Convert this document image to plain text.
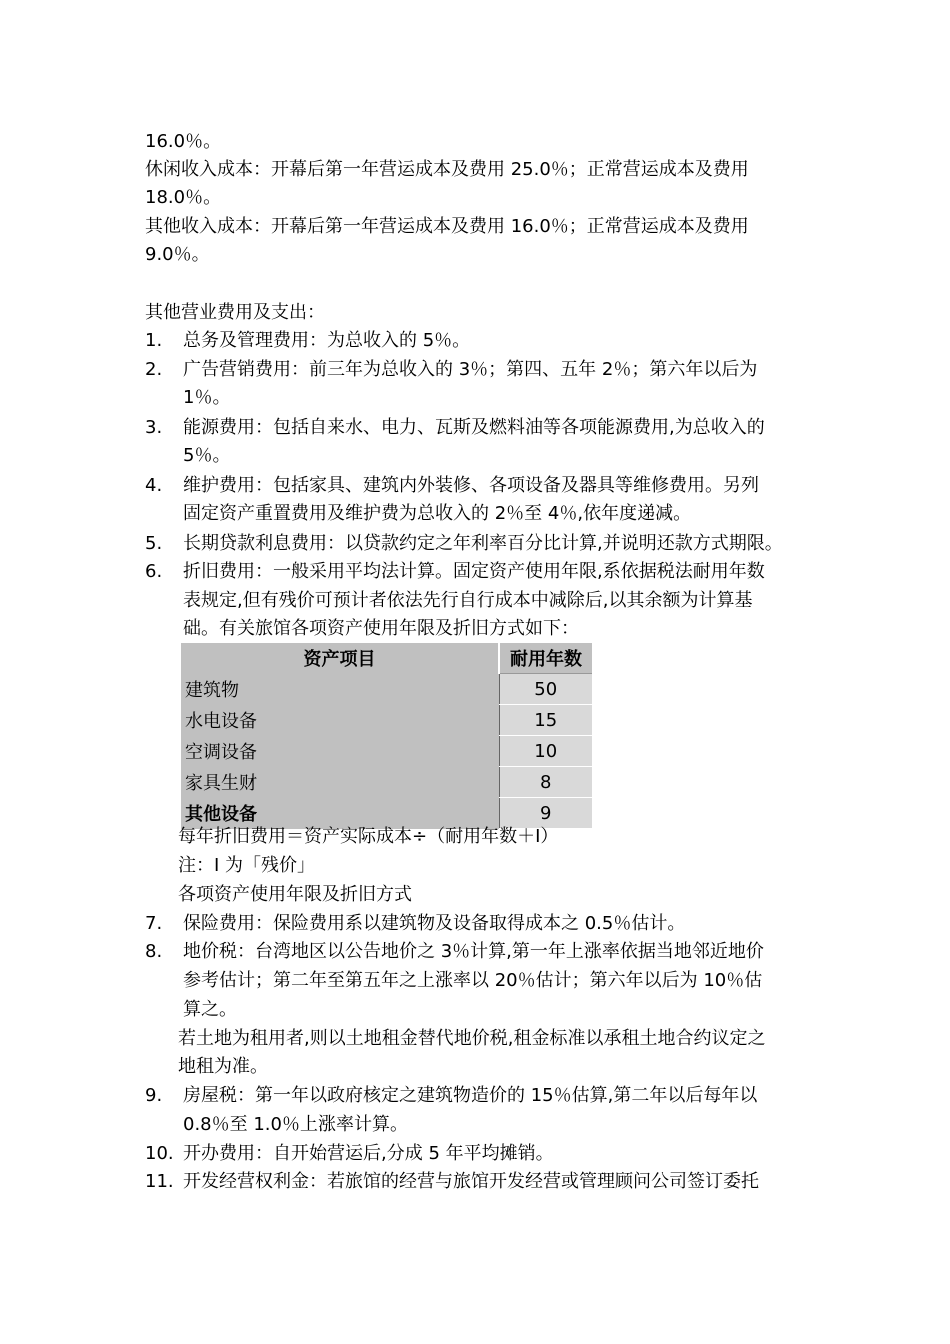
16.0％。
休闲收入成本：开幕后第一年营运成本及费用 25.0％；正常营运成本及费用
18.0％。
其他收入成本：开幕后第一年营运成本及费用 16.0％；正常营运成本及费用
9.0％。
其他营业费用及支出：
1. 总务及管理费用：为总收入的 5％。
2. 广告营销费用：前三年为总收入的 3％；第四、五年 2％；第六年以后为
1％。
3. 能源费用：包括自来水、电力、瓦斯及燃料油等各项能源费用,为总收入的
5％。
4. 维护费用：包括家具、建筑内外装修、各项设备及器具等维修费用。另列
固定资产重置费用及维护费为总收入的 2％至 4％,依年度递减。
5. 长期贷款利息费用：以贷款约定之年利率百分比计算,并说明还款方式期限。
6. 折旧费用：一般采用平均法计算。固定资产使用年限,系依据税法耐用年数
表规定,但有残价可预计者依法先行自行成本中减除后,以其余额为计算基
础。有关旅馆各项资产使用年限及折旧方式如下：
资产项目	耐用年数
建筑物	50
水电设备	15
空调设备	10
家具生财	8
其他设备	9
每年折旧费用＝资产实际成本÷（耐用年数＋I）
注：I 为「残价」
各项资产使用年限及折旧方式
7. 保险费用：保险费用系以建筑物及设备取得成本之 0.5％估计。
8. 地价税：台湾地区以公告地价之 3％计算,第一年上涨率依据当地邻近地价
参考估计；第二年至第五年之上涨率以 20％估计；第六年以后为 10％估
算之。
若土地为租用者,则以土地租金替代地价税,租金标准以承租土地合约议定之
地租为准。
9. 房屋税：第一年以政府核定之建筑物造价的 15％估算,第二年以后每年以
0.8％至 1.0％上涨率计算。
10. 开办费用：自开始营运后,分成 5 年平均摊销。
11. 开发经营权利金：若旅馆的经营与旅馆开发经营或管理顾问公司签订委托
